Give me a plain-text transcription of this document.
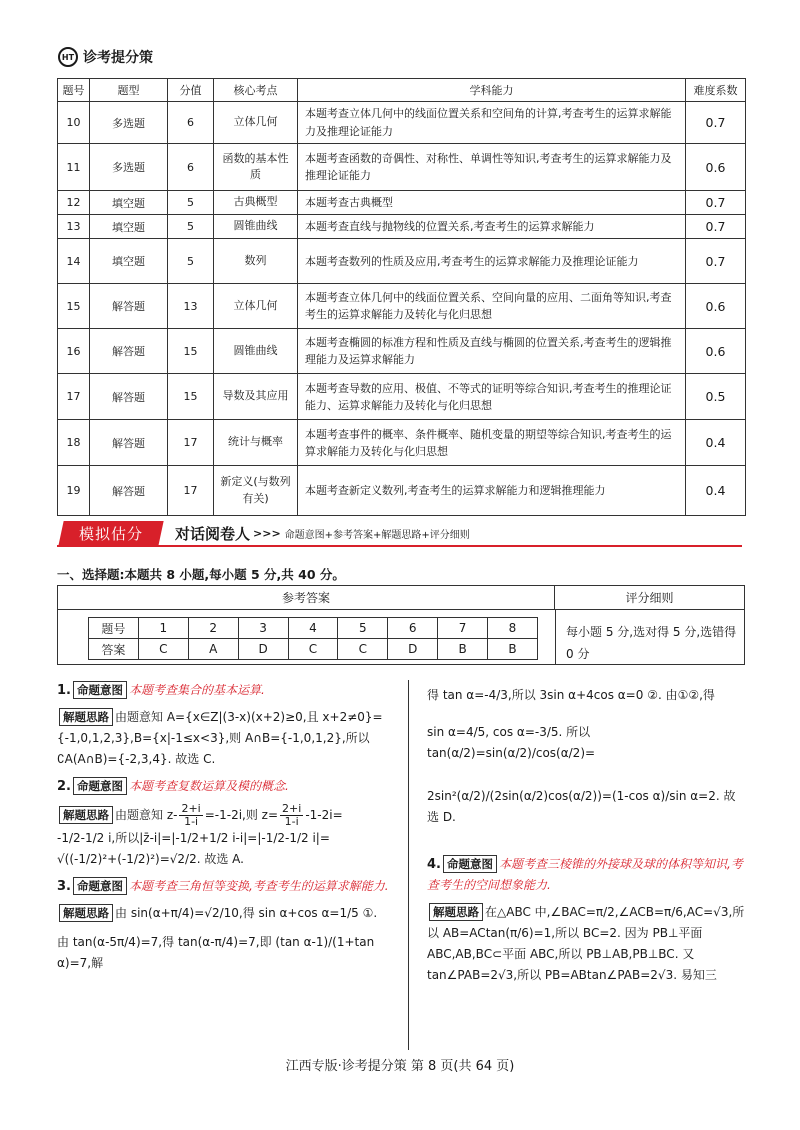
HT 诊考提分策
题号	题型	分值	核心考点	学科能力	难度系数
10	多选题	6	立体几何	本题考查立体几何中的线面位置关系和空间角的计算,考查考生的运算求解能力及推理论证能力	0.7
11	多选题	6	函数的基本性质	本题考查函数的奇偶性、对称性、单调性等知识,考查考生的运算求解能力及推理论证能力	0.6
12	填空题	5	古典概型	本题考查古典概型	0.7
13	填空题	5	圆锥曲线	本题考查直线与抛物线的位置关系,考查考生的运算求解能力	0.7
14	填空题	5	数列	本题考查数列的性质及应用,考查考生的运算求解能力及推理论证能力	0.7
15	解答题	13	立体几何	本题考查立体几何中的线面位置关系、空间向量的应用、二面角等知识,考查考生的运算求解能力及转化与化归思想	0.6
16	解答题	15	圆锥曲线	本题考查椭圆的标准方程和性质及直线与椭圆的位置关系,考查考生的逻辑推理能力及运算求解能力	0.6
17	解答题	15	导数及其应用	本题考查导数的应用、极值、不等式的证明等综合知识,考查考生的推理论证能力、运算求解能力及转化与化归思想	0.5
18	解答题	17	统计与概率	本题考查事件的概率、条件概率、随机变量的期望等综合知识,考查考生的运算求解能力及转化与化归思想	0.4
19	解答题	17	新定义(与数列有关)	本题考查新定义数列,考查考生的运算求解能力和逻辑推理能力	0.4
模拟估分 对话阅卷人 >>> 命题意图+参考答案+解题思路+评分细则
一、选择题:本题共 8 小题,每小题 5 分,共 40 分。
参考答案	评分细则
题号	1	2	3	4	5	6	7	8
答案	C	A	D	C	C	D	B	B
每小题 5 分,选对得 5 分,选错得 0 分
1. 命题意图 本题考查集合的基本运算.
解题思路 由题意知 A={x∈Z|(3-x)(x+2)≥0,且 x+2≠0}={-1,0,1,2,3},B={x|-1≤x<3},则 A∩B={-1,0,1,2},所以∁A(A∩B)={-2,3,4}. 故选 C.
2. 命题意图 本题考查复数运算及模的概念.
解题思路 由题意知 $z- \frac{2+i}{1-i} =-1-2i$,则 $z= \frac{2+i}{1-i} -1-2i=$
-1/2-1/2 i,所以|z̄-i|=|-1/2+1/2 i-i|=|-1/2-1/2 i|=
√((-1/2)²+(-1/2)²)=√2/2. 故选 A.
3. 命题意图 本题考查三角恒等变换,考查考生的运算求解能力.
解题思路 由 sin(α+π/4)=√2/10,得 sin α+cos α=1/5 ①.
由 tan(α-5π/4)=7,得 tan(α-π/4)=7,即 (tan α-1)/(1+tan α)=7,解
得 tan α=-4/3,所以 3sin α+4cos α=0 ②. 由①②,得
sin α=4/5, cos α=-3/5. 所以 tan(α/2)=sin(α/2)/cos(α/2)=
2sin²(α/2)/(2sin(α/2)cos(α/2))=(1-cos α)/sin α=2. 故选 D.
4. 命题意图 本题考查三棱锥的外接球及球的体积等知识,考查考生的空间想象能力.
解题思路 在△ABC 中,∠BAC=π/2,∠ACB=π/6,AC=√3,所以 AB=ACtan(π/6)=1,所以 BC=2. 因为 PB⊥平面 ABC,AB,BC⊂平面 ABC,所以 PB⊥AB,PB⊥BC. 又 tan∠PAB=2√3,所以 PB=ABtan∠PAB=2√3. 易知三
江西专版·诊考提分策 第 8 页(共 64 页)
